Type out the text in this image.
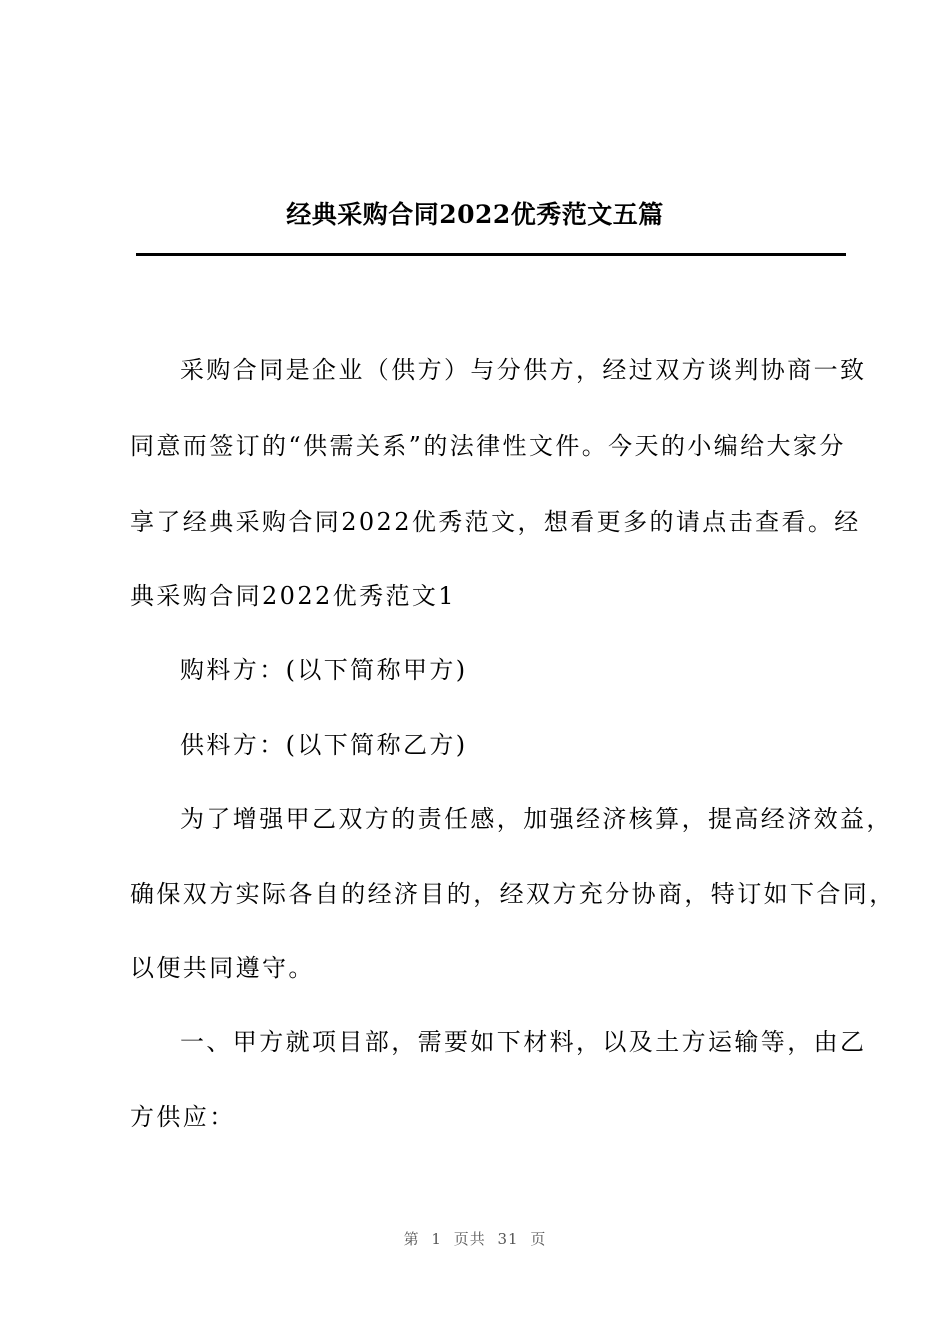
经典采购合同2022优秀范文五篇
采购合同是企业（供方）与分供方，经过双方谈判协商一致
同意而签订的“供需关系”的法律性文件。今天的小编给大家分
享了经典采购合同2022优秀范文，想看更多的请点击查看。经
典采购合同2022优秀范文1
购料方：(以下简称甲方)
供料方：(以下简称乙方)
为了增强甲乙双方的责任感，加强经济核算，提高经济效益，
确保双方实际各自的经济目的，经双方充分协商，特订如下合同，
以便共同遵守。
一、甲方就项目部，需要如下材料，以及土方运输等，由乙
方供应：
第 1 页共 31 页
